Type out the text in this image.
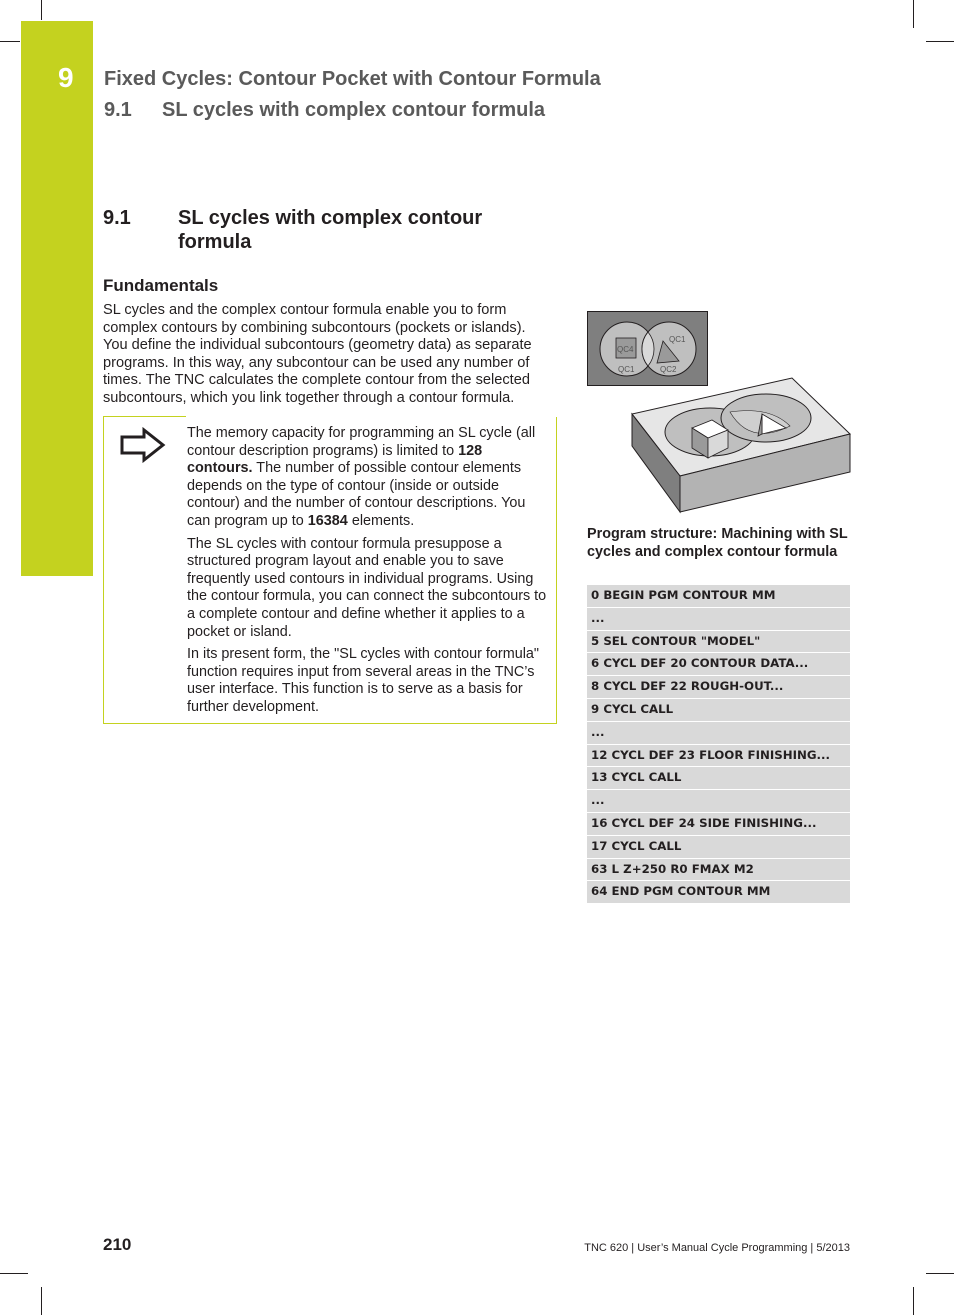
9	Fixed Cycles: Contour Pocket with Contour Formula
9.1 SL cycles with complex contour formula
9.1 SL cycles with complex contour formula
Fundamentals
SL cycles and the complex contour formula enable you to form complex contours by combining subcontours (pockets or islands). You define the individual subcontours (geometry data) as separate programs. In this way, any subcontour can be used any number of times. The TNC calculates the complete contour from the selected subcontours, which you link together through a contour formula.

The memory capacity for programming an SL cycle (all contour description programs) is limited to 128 contours. The number of possible contour elements depends on the type of contour (inside or outside contour) and the number of contour descriptions. You can program up to 16384 elements.

The SL cycles with contour formula presuppose a structured program layout and enable you to save frequently used contours in individual programs. Using the contour formula, you can connect the subcontours to a complete contour and define whether it applies to a pocket or island.

In its present form, the "SL cycles with contour formula" function requires input from several areas in the TNC’s user interface. This function is to serve as a basis for further development.

QC4
QC1
QC1	QC2
Program structure: Machining with SL cycles and complex contour formula
0 BEGIN PGM CONTOUR MM
...
5 SEL CONTOUR "MODEL"
6 CYCL DEF 20 CONTOUR DATA...
8 CYCL DEF 22 ROUGH-OUT...
9 CYCL CALL
...
12 CYCL DEF 23 FLOOR FINISHING...
13 CYCL CALL
...
16 CYCL DEF 24 SIDE FINISHING...
17 CYCL CALL
63 L Z+250 R0 FMAX M2
64 END PGM CONTOUR MM
210	TNC 620 | User’s Manual Cycle Programming | 5/2013
